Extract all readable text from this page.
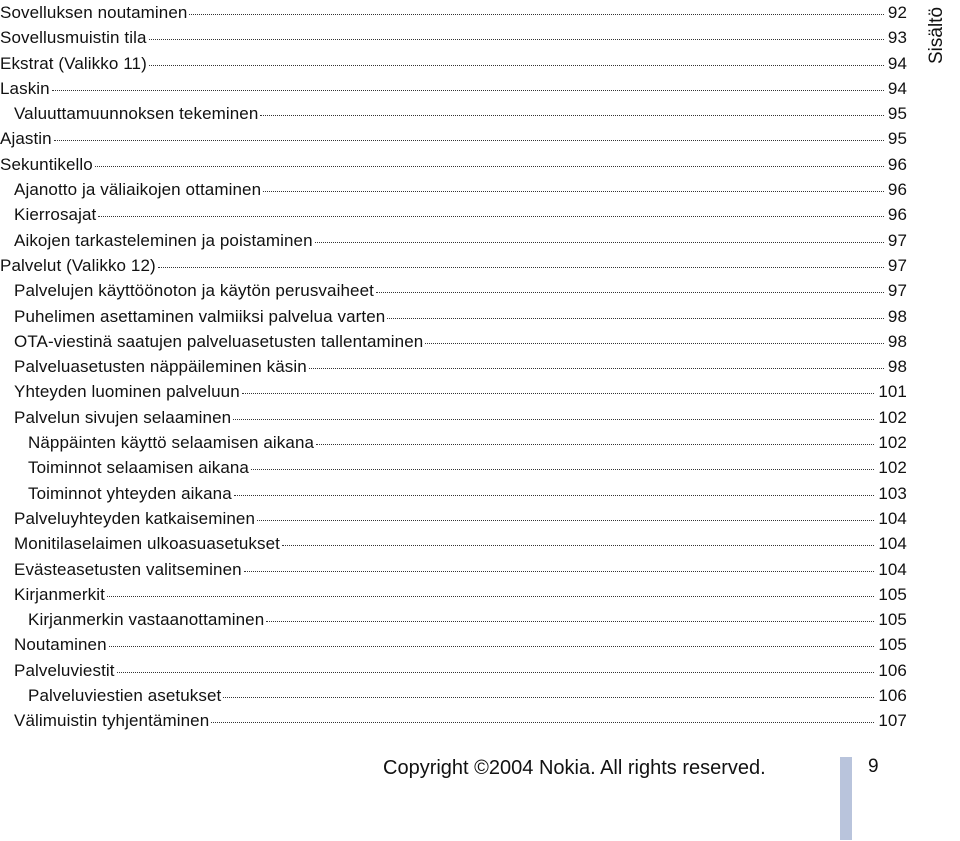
Sovelluksen noutaminen	92
Sovellusmuistin tila	93
Ekstrat (Valikko 11)	94
Laskin	94
Valuuttamuunnoksen tekeminen	95
Ajastin	95
Sekuntikello	96
Ajanotto ja väliaikojen ottaminen	96
Kierrosajat	96
Aikojen tarkasteleminen ja poistaminen	97
Palvelut (Valikko 12)	97
Palvelujen käyttöönoton ja käytön perusvaiheet	97
Puhelimen asettaminen valmiiksi palvelua varten	98
OTA-viestinä saatujen palveluasetusten tallentaminen	98
Palveluasetusten näppäileminen käsin	98
Yhteyden luominen palveluun	101
Palvelun sivujen selaaminen	102
Näppäinten käyttö selaamisen aikana	102
Toiminnot selaamisen aikana	102
Toiminnot yhteyden aikana	103
Palveluyhteyden katkaiseminen	104
Monitilaselaimen ulkoasuasetukset	104
Evästeasetusten valitseminen	104
Kirjanmerkit	105
Kirjanmerkin vastaanottaminen	105
Noutaminen	105
Palveluviestit	106
Palveluviestien asetukset	106
Välimuistin tyhjentäminen	107
Sisältö
Copyright ©2004 Nokia. All rights reserved.	9
